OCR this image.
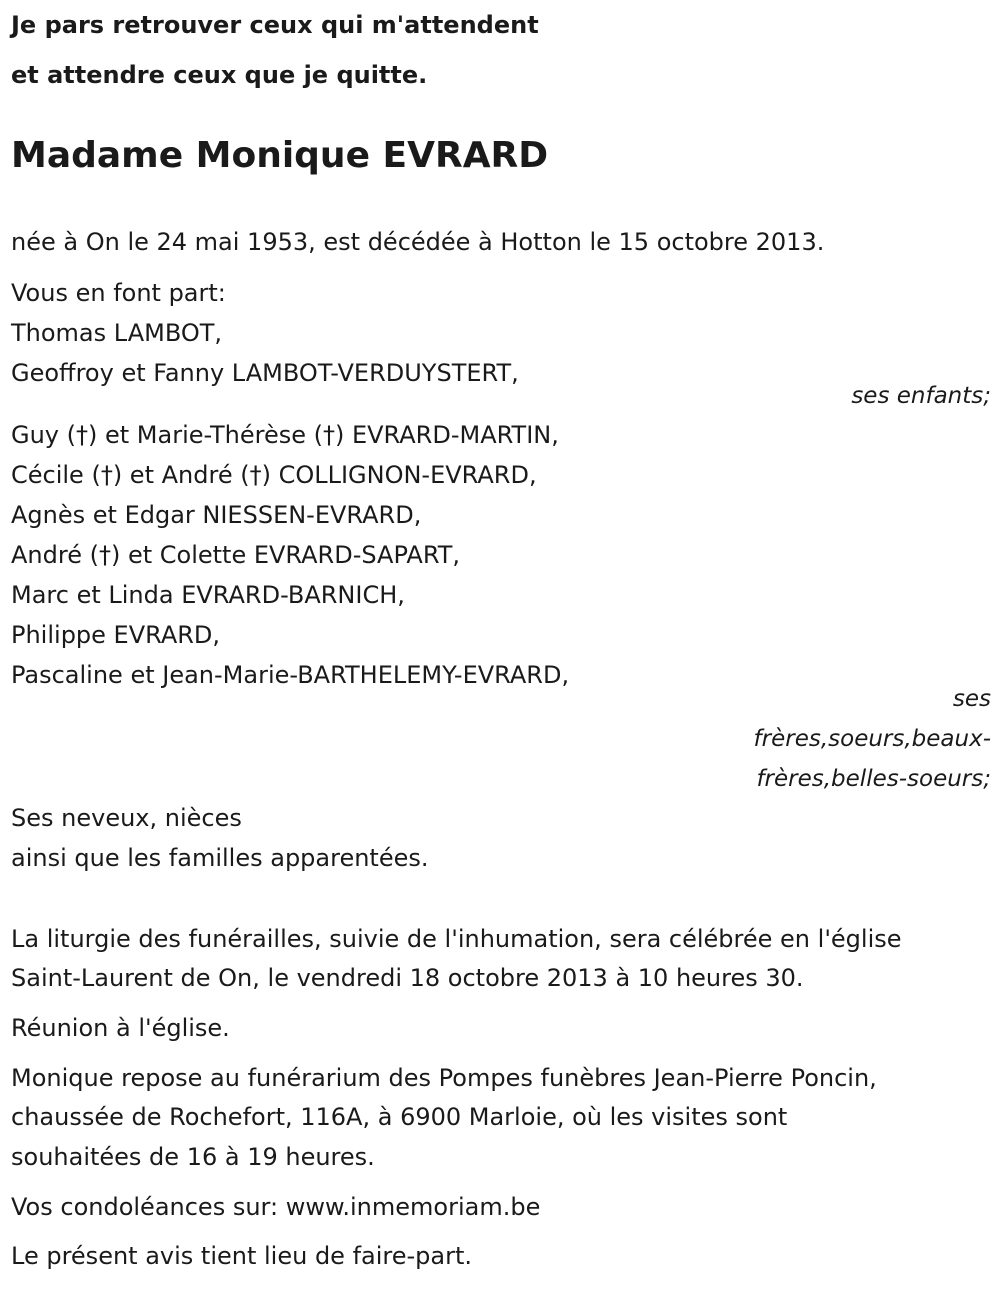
Je pars retrouver ceux qui m'attendent
et attendre ceux que je quitte.
Madame Monique EVRARD
née à On le 24 mai 1953, est décédée à Hotton le 15 octobre 2013.
Vous en font part:
Thomas LAMBOT,
Geoffroy et Fanny LAMBOT-VERDUYSTERT,
ses enfants;
Guy (†) et Marie-Thérèse (†) EVRARD-MARTIN,
Cécile (†) et André (†) COLLIGNON-EVRARD,
Agnès et Edgar NIESSEN-EVRARD,
André (†) et Colette EVRARD-SAPART,
Marc et Linda EVRARD-BARNICH,
Philippe EVRARD,
Pascaline et Jean-Marie-BARTHELEMY-EVRARD,
ses
frères,soeurs,beaux-
frères,belles-soeurs;
Ses neveux, nièces
ainsi que les familles apparentées.
La liturgie des funérailles, suivie de l'inhumation, sera célébrée en l'église
Saint-Laurent de On, le vendredi 18 octobre 2013 à 10 heures 30.
Réunion à l'église.
Monique repose au funérarium des Pompes funèbres Jean-Pierre Poncin,
chaussée de Rochefort, 116A, à 6900 Marloie, où les visites sont
souhaitées de 16 à 19 heures.
Vos condoléances sur: www.inmemoriam.be
Le présent avis tient lieu de faire-part.
